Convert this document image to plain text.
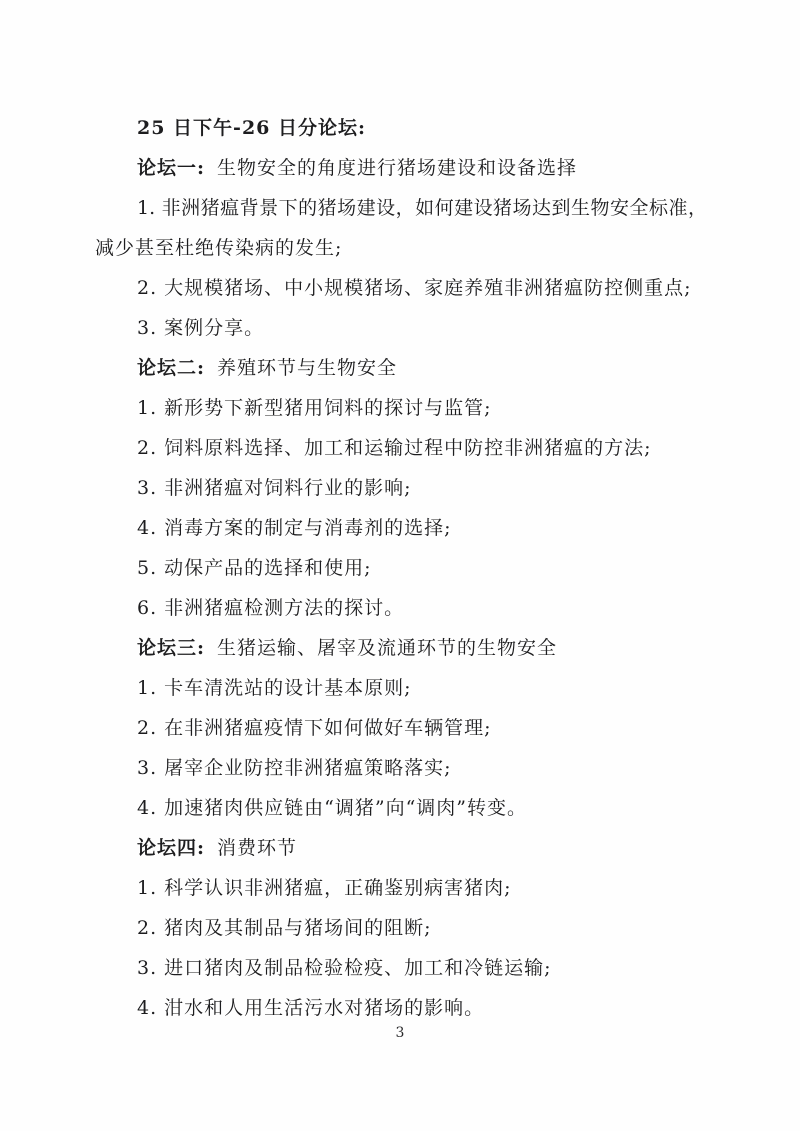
25 日下午-26 日分论坛:
论坛一: 生物安全的角度进行猪场建设和设备选择
1. 非洲猪瘟背景下的猪场建设，如何建设猪场达到生物安全标准，
减少甚至杜绝传染病的发生;
2. 大规模猪场、中小规模猪场、家庭养殖非洲猪瘟防控侧重点;
3. 案例分享。
论坛二: 养殖环节与生物安全
1. 新形势下新型猪用饲料的探讨与监管;
2. 饲料原料选择、加工和运输过程中防控非洲猪瘟的方法;
3. 非洲猪瘟对饲料行业的影响;
4. 消毒方案的制定与消毒剂的选择;
5. 动保产品的选择和使用;
6. 非洲猪瘟检测方法的探讨。
论坛三: 生猪运输、屠宰及流通环节的生物安全
1. 卡车清洗站的设计基本原则;
2. 在非洲猪瘟疫情下如何做好车辆管理;
3. 屠宰企业防控非洲猪瘟策略落实;
4. 加速猪肉供应链由“调猪”向“调肉”转变。
论坛四: 消费环节
1. 科学认识非洲猪瘟，正确鉴别病害猪肉;
2. 猪肉及其制品与猪场间的阻断;
3. 进口猪肉及制品检验检疫、加工和冷链运输;
4. 泔水和人用生活污水对猪场的影响。
3
